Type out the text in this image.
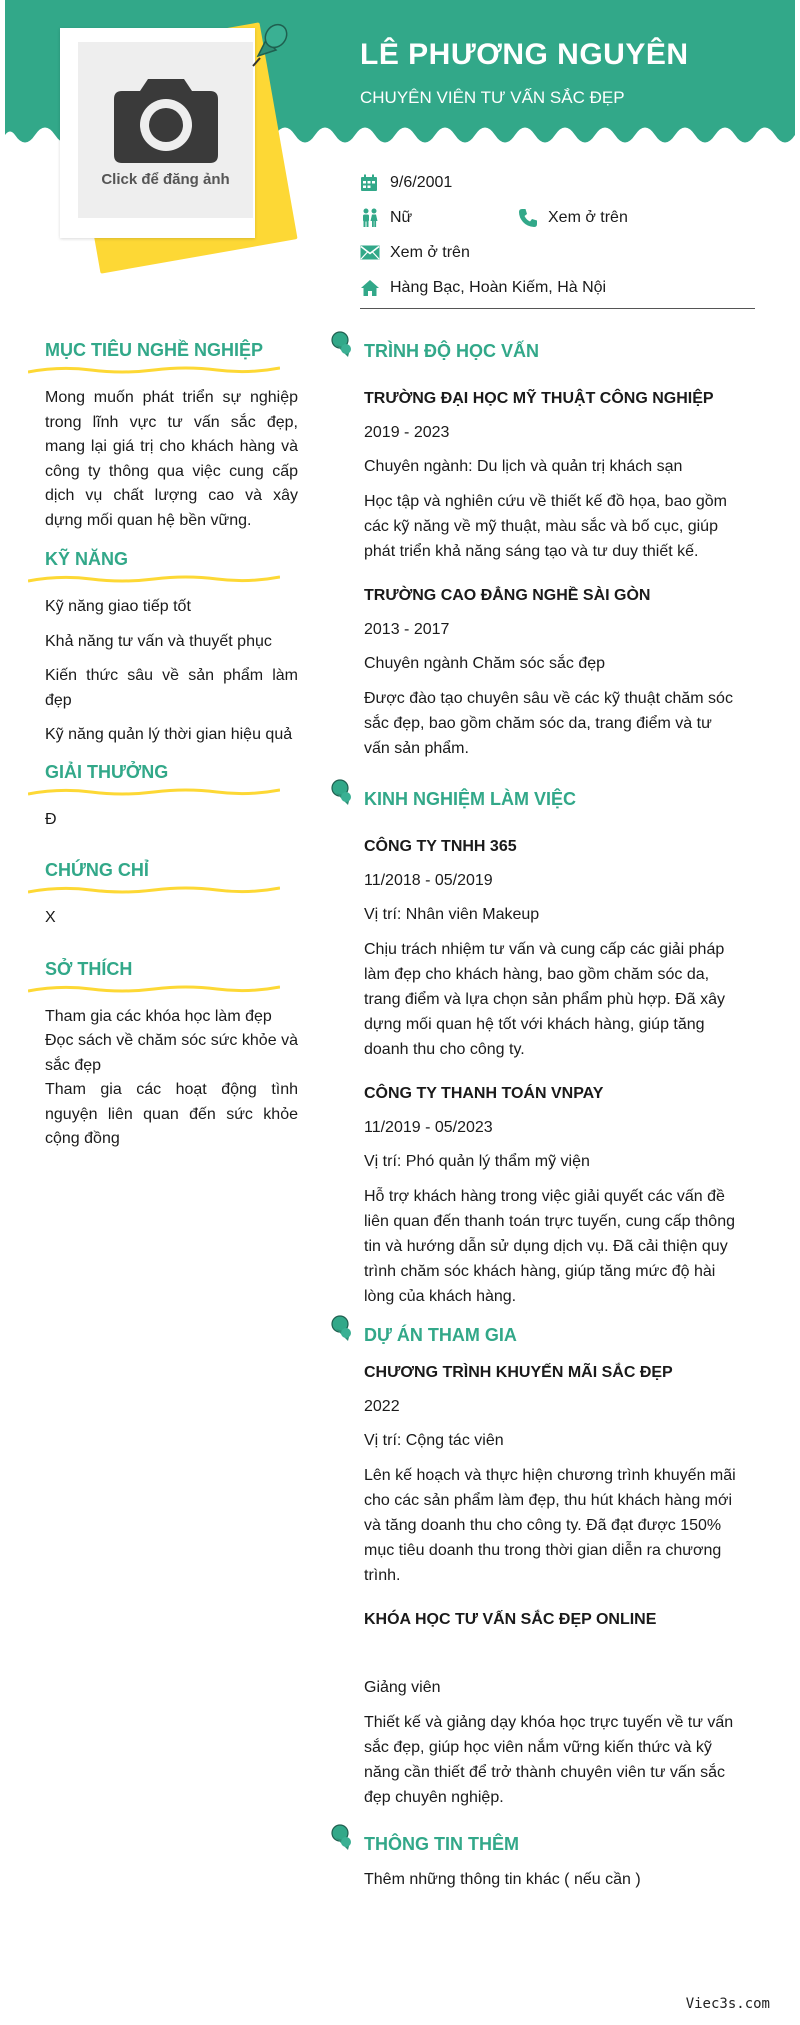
Click để đăng ảnh
LÊ PHƯƠNG NGUYÊN
CHUYÊN VIÊN TƯ VẤN SẮC ĐẸP
9/6/2001
Nữ	Xem ở trên
Xem ở trên
Hàng Bạc, Hoàn Kiếm, Hà Nội
MỤC TIÊU NGHỀ NGHIỆP
Mong muốn phát triển sự nghiệp trong lĩnh vực tư vấn sắc đẹp, mang lại giá trị cho khách hàng và công ty thông qua việc cung cấp dịch vụ chất lượng cao và xây dựng mối quan hệ bền vững.
KỸ NĂNG
Kỹ năng giao tiếp tốt
Khả năng tư vấn và thuyết phục
Kiến thức sâu về sản phẩm làm đẹp
Kỹ năng quản lý thời gian hiệu quả
GIẢI THƯỞNG
Đ
CHỨNG CHỈ
X
SỞ THÍCH
Tham gia các khóa học làm đẹp
Đọc sách về chăm sóc sức khỏe và sắc đẹp
Tham gia các hoạt động tình nguyện liên quan đến sức khỏe cộng đồng
TRÌNH ĐỘ HỌC VẤN
TRƯỜNG ĐẠI HỌC MỸ THUẬT CÔNG NGHIỆP
2019 - 2023
Chuyên ngành: Du lịch và quản trị khách sạn
Học tập và nghiên cứu về thiết kế đồ họa, bao gồm các kỹ năng về mỹ thuật, màu sắc và bố cục, giúp phát triển khả năng sáng tạo và tư duy thiết kế.
TRƯỜNG CAO ĐẲNG NGHỀ SÀI GÒN
2013 - 2017
Chuyên ngành Chăm sóc sắc đẹp
Được đào tạo chuyên sâu về các kỹ thuật chăm sóc sắc đẹp, bao gồm chăm sóc da, trang điểm và tư vấn sản phẩm.
KINH NGHIỆM LÀM VIỆC
CÔNG TY TNHH 365
11/2018 - 05/2019
Vị trí: Nhân viên Makeup
Chịu trách nhiệm tư vấn và cung cấp các giải pháp làm đẹp cho khách hàng, bao gồm chăm sóc da, trang điểm và lựa chọn sản phẩm phù hợp. Đã xây dựng mối quan hệ tốt với khách hàng, giúp tăng doanh thu cho công ty.
CÔNG TY THANH TOÁN VNPAY
11/2019 - 05/2023
Vị trí: Phó quản lý thẩm mỹ viện
Hỗ trợ khách hàng trong việc giải quyết các vấn đề liên quan đến thanh toán trực tuyến, cung cấp thông tin và hướng dẫn sử dụng dịch vụ. Đã cải thiện quy trình chăm sóc khách hàng, giúp tăng mức độ hài lòng của khách hàng.
DỰ ÁN THAM GIA
CHƯƠNG TRÌNH KHUYẾN MÃI SẮC ĐẸP
2022
Vị trí: Cộng tác viên
Lên kế hoạch và thực hiện chương trình khuyến mãi cho các sản phẩm làm đẹp, thu hút khách hàng mới và tăng doanh thu cho công ty. Đã đạt được 150% mục tiêu doanh thu trong thời gian diễn ra chương trình.
KHÓA HỌC TƯ VẤN SẮC ĐẸP ONLINE
Giảng viên
Thiết kế và giảng dạy khóa học trực tuyến về tư vấn sắc đẹp, giúp học viên nắm vững kiến thức và kỹ năng cần thiết để trở thành chuyên viên tư vấn sắc đẹp chuyên nghiệp.
THÔNG TIN THÊM
Thêm những thông tin khác ( nếu cần )
Viec3s.com
